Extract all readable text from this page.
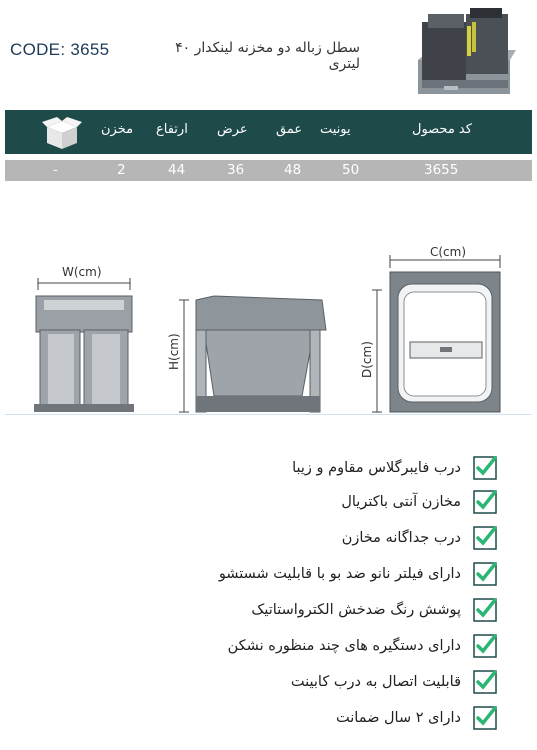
CODE: 3655	سطل زباله دو مخزنه لینکدار ۴۰ لیتری
مخزن ارتفاع عرض عمق یونیت	کد محصول
-	2	44	36	48	50	3655
W(cm)
H(cm)
C(cm)
D(cm)
درب فایبرگلاس مقاوم و زیبا
مخازن آنتی باکتریال
درب جداگانه مخازن
دارای فیلتر نانو ضد بو با قابلیت شستشو
پوشش رنگ ضدخش الکترواستاتیک
دارای دستگیره های چند منظوره نشکن
قابلیت اتصال به درب کابینت
دارای ۲ سال ضمانت
